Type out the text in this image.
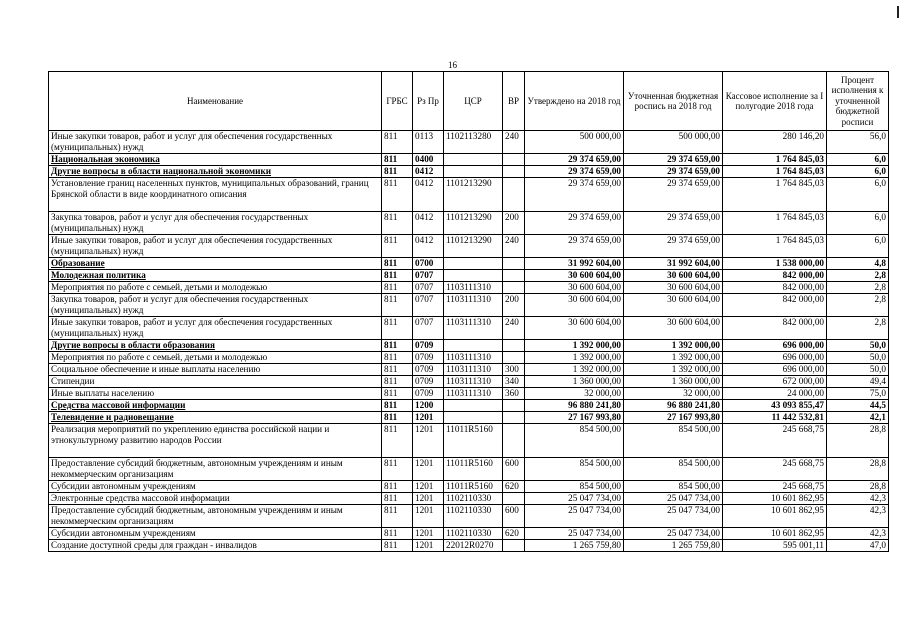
16
Наименование	ГРБС	Рз Пр	ЦСР	ВР	Утверждено на 2018 год	Уточненная бюджетная роспись на 2018 год	Кассовое исполнение за I полугодие 2018 года	Процент исполнения к уточненной бюджетной росписи
Иные закупки товаров, работ и услуг для обеспечения государственных (муниципальных) нужд	811	0113	1102113280	240	500 000,00	500 000,00	280 146,20	56,0
Национальная экономика	811	0400			29 374 659,00	29 374 659,00	1 764 845,03	6,0
Другие вопросы в области национальной экономики	811	0412			29 374 659,00	29 374 659,00	1 764 845,03	6,0
Установление границ населенных пунктов, муниципальных образований, границ Брянской области в виде координатного описания	811	0412	1101213290		29 374 659,00	29 374 659,00	1 764 845,03	6,0
Закупка товаров, работ и услуг для обеспечения государственных (муниципальных) нужд	811	0412	1101213290	200	29 374 659,00	29 374 659,00	1 764 845,03	6,0
Иные закупки товаров, работ и услуг для обеспечения государственных (муниципальных) нужд	811	0412	1101213290	240	29 374 659,00	29 374 659,00	1 764 845,03	6,0
Образование	811	0700			31 992 604,00	31 992 604,00	1 538 000,00	4,8
Молодежная политика	811	0707			30 600 604,00	30 600 604,00	842 000,00	2,8
Мероприятия по работе с семьей, детьми и молодежью	811	0707	1103111310		30 600 604,00	30 600 604,00	842 000,00	2,8
Закупка товаров, работ и услуг для обеспечения государственных (муниципальных) нужд	811	0707	1103111310	200	30 600 604,00	30 600 604,00	842 000,00	2,8
Иные закупки товаров, работ и услуг для обеспечения государственных (муниципальных) нужд	811	0707	1103111310	240	30 600 604,00	30 600 604,00	842 000,00	2,8
Другие вопросы в области образования	811	0709			1 392 000,00	1 392 000,00	696 000,00	50,0
Мероприятия по работе с семьей, детьми и молодежью	811	0709	1103111310		1 392 000,00	1 392 000,00	696 000,00	50,0
Социальное обеспечение и иные выплаты населению	811	0709	1103111310	300	1 392 000,00	1 392 000,00	696 000,00	50,0
Стипендии	811	0709	1103111310	340	1 360 000,00	1 360 000,00	672 000,00	49,4
Иные выплаты населению	811	0709	1103111310	360	32 000,00	32 000,00	24 000,00	75,0
Средства массовой информации	811	1200			96 880 241,80	96 880 241,80	43 093 855,47	44,5
Телевидение и радиовещание	811	1201			27 167 993,80	27 167 993,80	11 442 532,81	42,1
Реализация мероприятий по укреплению единства российской нации и этнокультурному развитию народов России	811	1201	11011R5160		854 500,00	854 500,00	245 668,75	28,8
Предоставление субсидий бюджетным, автономным учреждениям и иным некоммерческим организациям	811	1201	11011R5160	600	854 500,00	854 500,00	245 668,75	28,8
Субсидии автономным учреждениям	811	1201	11011R5160	620	854 500,00	854 500,00	245 668,75	28,8
Электронные средства массовой информации	811	1201	1102110330		25 047 734,00	25 047 734,00	10 601 862,95	42,3
Предоставление субсидий бюджетным, автономным учреждениям и иным некоммерческим организациям	811	1201	1102110330	600	25 047 734,00	25 047 734,00	10 601 862,95	42,3
Субсидии автономным учреждениям	811	1201	1102110330	620	25 047 734,00	25 047 734,00	10 601 862,95	42,3
Создание доступной среды для граждан - инвалидов	811	1201	22012R0270		1 265 759,80	1 265 759,80	595 001,11	47,0
